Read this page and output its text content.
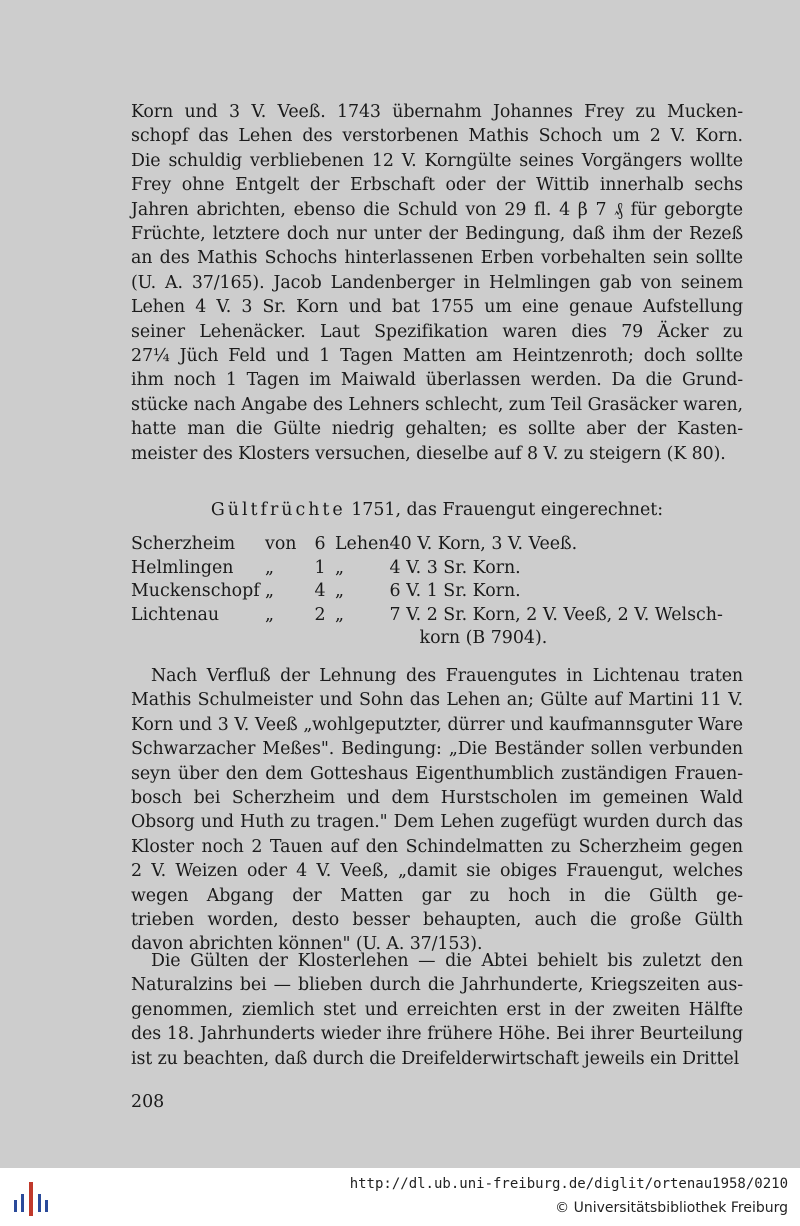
Korn und 3 V. Veeß. 1743 übernahm Johannes Frey zu Mucken-
schopf das Lehen des verstorbenen Mathis Schoch um 2 V. Korn.
Die schuldig verbliebenen 12 V. Korngülte seines Vorgängers wollte
Frey ohne Entgelt der Erbschaft oder der Wittib innerhalb sechs
Jahren abrichten, ebenso die Schuld von 29 fl. 4 β 7 ₰ für geborgte
Früchte, letztere doch nur unter der Bedingung, daß ihm der Rezeß
an des Mathis Schochs hinterlassenen Erben vorbehalten sein sollte
(U. A. 37/165). Jacob Landenberger in Helmlingen gab von seinem
Lehen 4 V. 3 Sr. Korn und bat 1755 um eine genaue Aufstellung
seiner Lehenäcker. Laut Spezifikation waren dies 79 Äcker zu
27¼ Jüch Feld und 1 Tagen Matten am Heintzenroth; doch sollte
ihm noch 1 Tagen im Maiwald überlassen werden. Da die Grund-
stücke nach Angabe des Lehners schlecht, zum Teil Grasäcker waren,
hatte man die Gülte niedrig gehalten; es sollte aber der Kasten-
meister des Klosters versuchen, dieselbe auf 8 V. zu steigern (K 80).
Gültfrüchte 1751, das Frauengut eingerechnet:
Scherzheim	von	6	Lehen	40 V. Korn, 3 V. Veeß.
Helmlingen	„	1	„	4 V. 3 Sr. Korn.
Muckenschopf	„	4	„	6 V. 1 Sr. Korn.
Lichtenau	„	2	„	7 V. 2 Sr. Korn, 2 V. Veeß, 2 V. Welsch-
				korn (B 7904).
Nach Verfluß der Lehnung des Frauengutes in Lichtenau traten
Mathis Schulmeister und Sohn das Lehen an; Gülte auf Martini 11 V.
Korn und 3 V. Veeß „wohlgeputzter, dürrer und kaufmannsguter Ware
Schwarzacher Meßes". Bedingung: „Die Beständer sollen verbunden
seyn über den dem Gotteshaus Eigenthumblich zuständigen Frauen-
bosch bei Scherzheim und dem Hurstscholen im gemeinen Wald
Obsorg und Huth zu tragen." Dem Lehen zugefügt wurden durch das
Kloster noch 2 Tauen auf den Schindelmatten zu Scherzheim gegen
2 V. Weizen oder 4 V. Veeß, „damit sie obiges Frauengut, welches
wegen Abgang der Matten gar zu hoch in die Gülth ge-
trieben worden, desto besser behaupten, auch die große Gülth
davon abrichten können" (U. A. 37/153).
Die Gülten der Klosterlehen — die Abtei behielt bis zuletzt den
Naturalzins bei — blieben durch die Jahrhunderte, Kriegszeiten aus-
genommen, ziemlich stet und erreichten erst in der zweiten Hälfte
des 18. Jahrhunderts wieder ihre frühere Höhe. Bei ihrer Beurteilung
ist zu beachten, daß durch die Dreifelderwirtschaft jeweils ein Drittel
208
http://dl.ub.uni-freiburg.de/diglit/ortenau1958/0210
© Universitätsbibliothek Freiburg
